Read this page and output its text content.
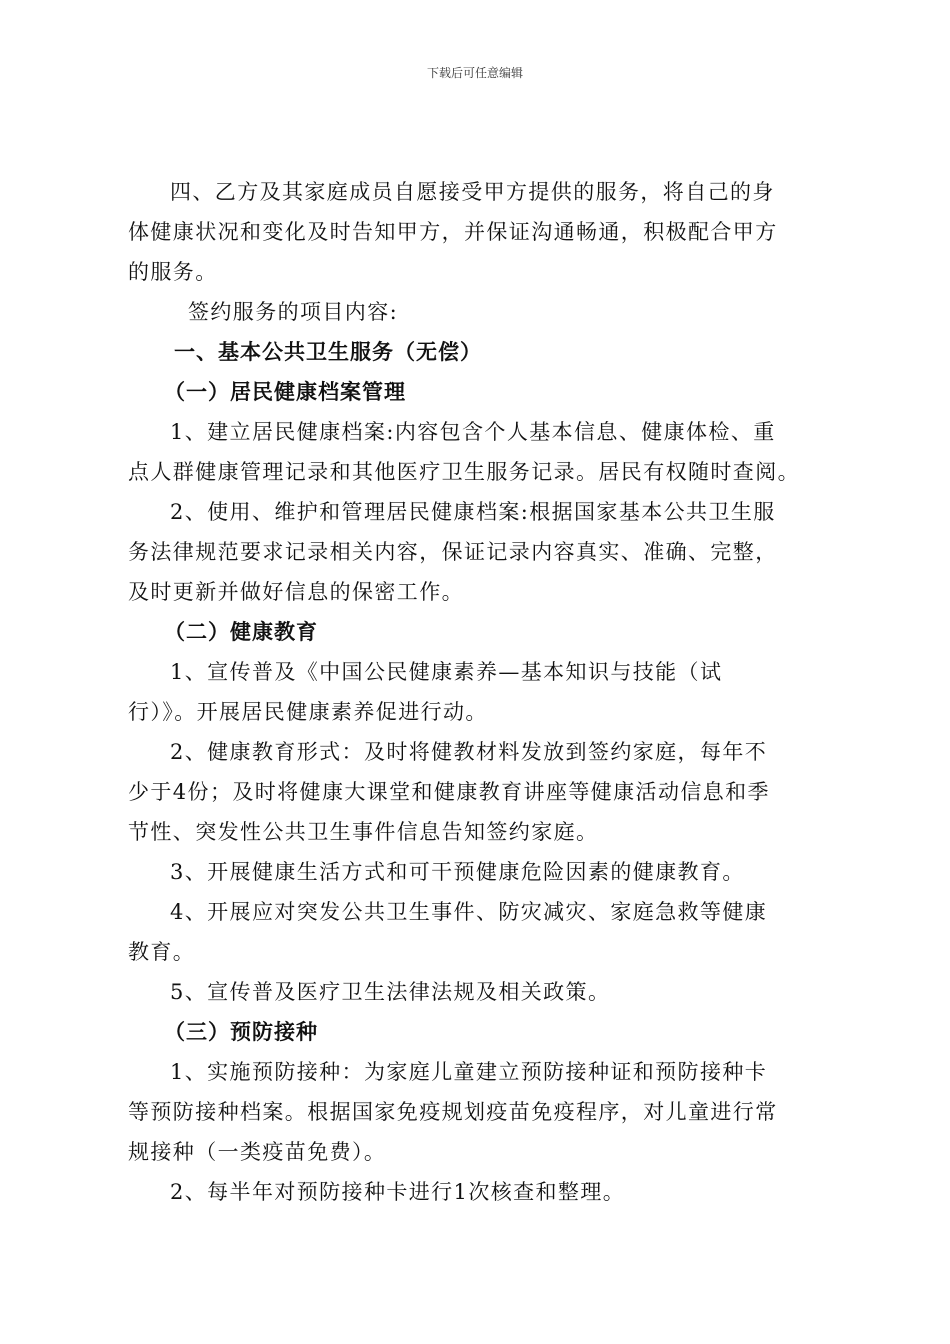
下载后可任意编辑
四、乙方及其家庭成员自愿接受甲方提供的服务，将自己的身
体健康状况和变化及时告知甲方，并保证沟通畅通，积极配合甲方
的服务。
签约服务的项目内容:
一、基本公共卫生服务（无偿）
（一）居民健康档案管理
1、建立居民健康档案:内容包含个人基本信息、健康体检、重
点人群健康管理记录和其他医疗卫生服务记录。居民有权随时查阅。
2、使用、维护和管理居民健康档案:根据国家基本公共卫生服
务法律规范要求记录相关内容，保证记录内容真实、准确、完整，
及时更新并做好信息的保密工作。
（二）健康教育
1、宣传普及《中国公民健康素养—基本知识与技能（试
行）》。开展居民健康素养促进行动。
2、健康教育形式：及时将健教材料发放到签约家庭，每年不
少于4份；及时将健康大课堂和健康教育讲座等健康活动信息和季
节性、突发性公共卫生事件信息告知签约家庭。
3、开展健康生活方式和可干预健康危险因素的健康教育。
4、开展应对突发公共卫生事件、防灾减灾、家庭急救等健康
教育。
5、宣传普及医疗卫生法律法规及相关政策。
（三）预防接种
1、实施预防接种：为家庭儿童建立预防接种证和预防接种卡
等预防接种档案。根据国家免疫规划疫苗免疫程序，对儿童进行常
规接种（一类疫苗免费）。
2、每半年对预防接种卡进行1次核查和整理。
